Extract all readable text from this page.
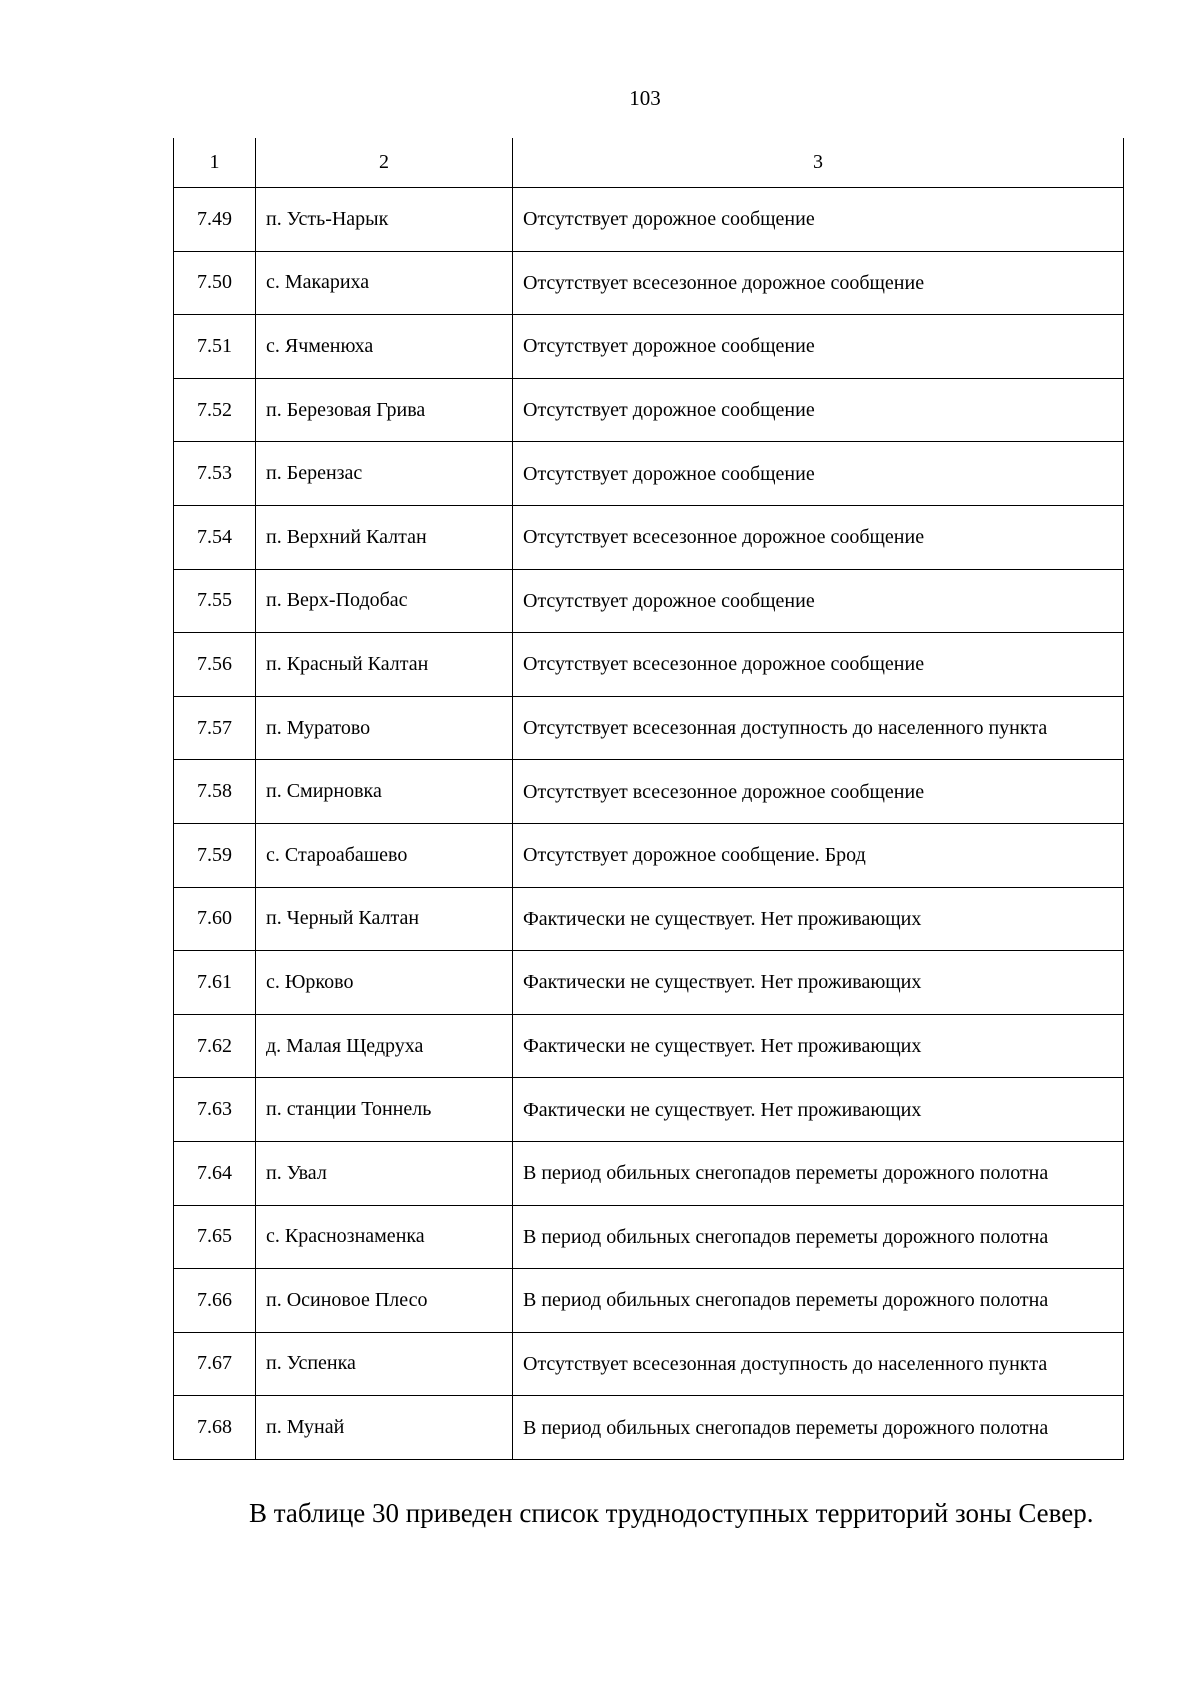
103
1	2	3
7.49	п. Усть-Нарык	Отсутствует дорожное сообщение
7.50	с. Макариха	Отсутствует всесезонное дорожное сообщение
7.51	с. Ячменюха	Отсутствует дорожное сообщение
7.52	п. Березовая Грива	Отсутствует дорожное сообщение
7.53	п. Берензас	Отсутствует дорожное сообщение
7.54	п. Верхний Калтан	Отсутствует всесезонное дорожное сообщение
7.55	п. Верх-Подобас	Отсутствует дорожное сообщение
7.56	п. Красный Калтан	Отсутствует всесезонное дорожное сообщение
7.57	п. Муратово	Отсутствует всесезонная доступность до населенного пункта
7.58	п. Смирновка	Отсутствует всесезонное дорожное сообщение
7.59	с. Староабашево	Отсутствует дорожное сообщение. Брод
7.60	п. Черный Калтан	Фактически не существует. Нет проживающих
7.61	с. Юрково	Фактически не существует. Нет проживающих
7.62	д. Малая Щедруха	Фактически не существует. Нет проживающих
7.63	п. станции Тоннель	Фактически не существует. Нет проживающих
7.64	п. Увал	В период обильных снегопадов переметы дорожного полотна
7.65	с. Краснознаменка	В период обильных снегопадов переметы дорожного полотна
7.66	п. Осиновое Плесо	В период обильных снегопадов переметы дорожного полотна
7.67	п. Успенка	Отсутствует всесезонная доступность до населенного пункта
7.68	п. Мунай	В период обильных снегопадов переметы дорожного полотна

В таблице 30 приведен список труднодоступных территорий зоны Север.
